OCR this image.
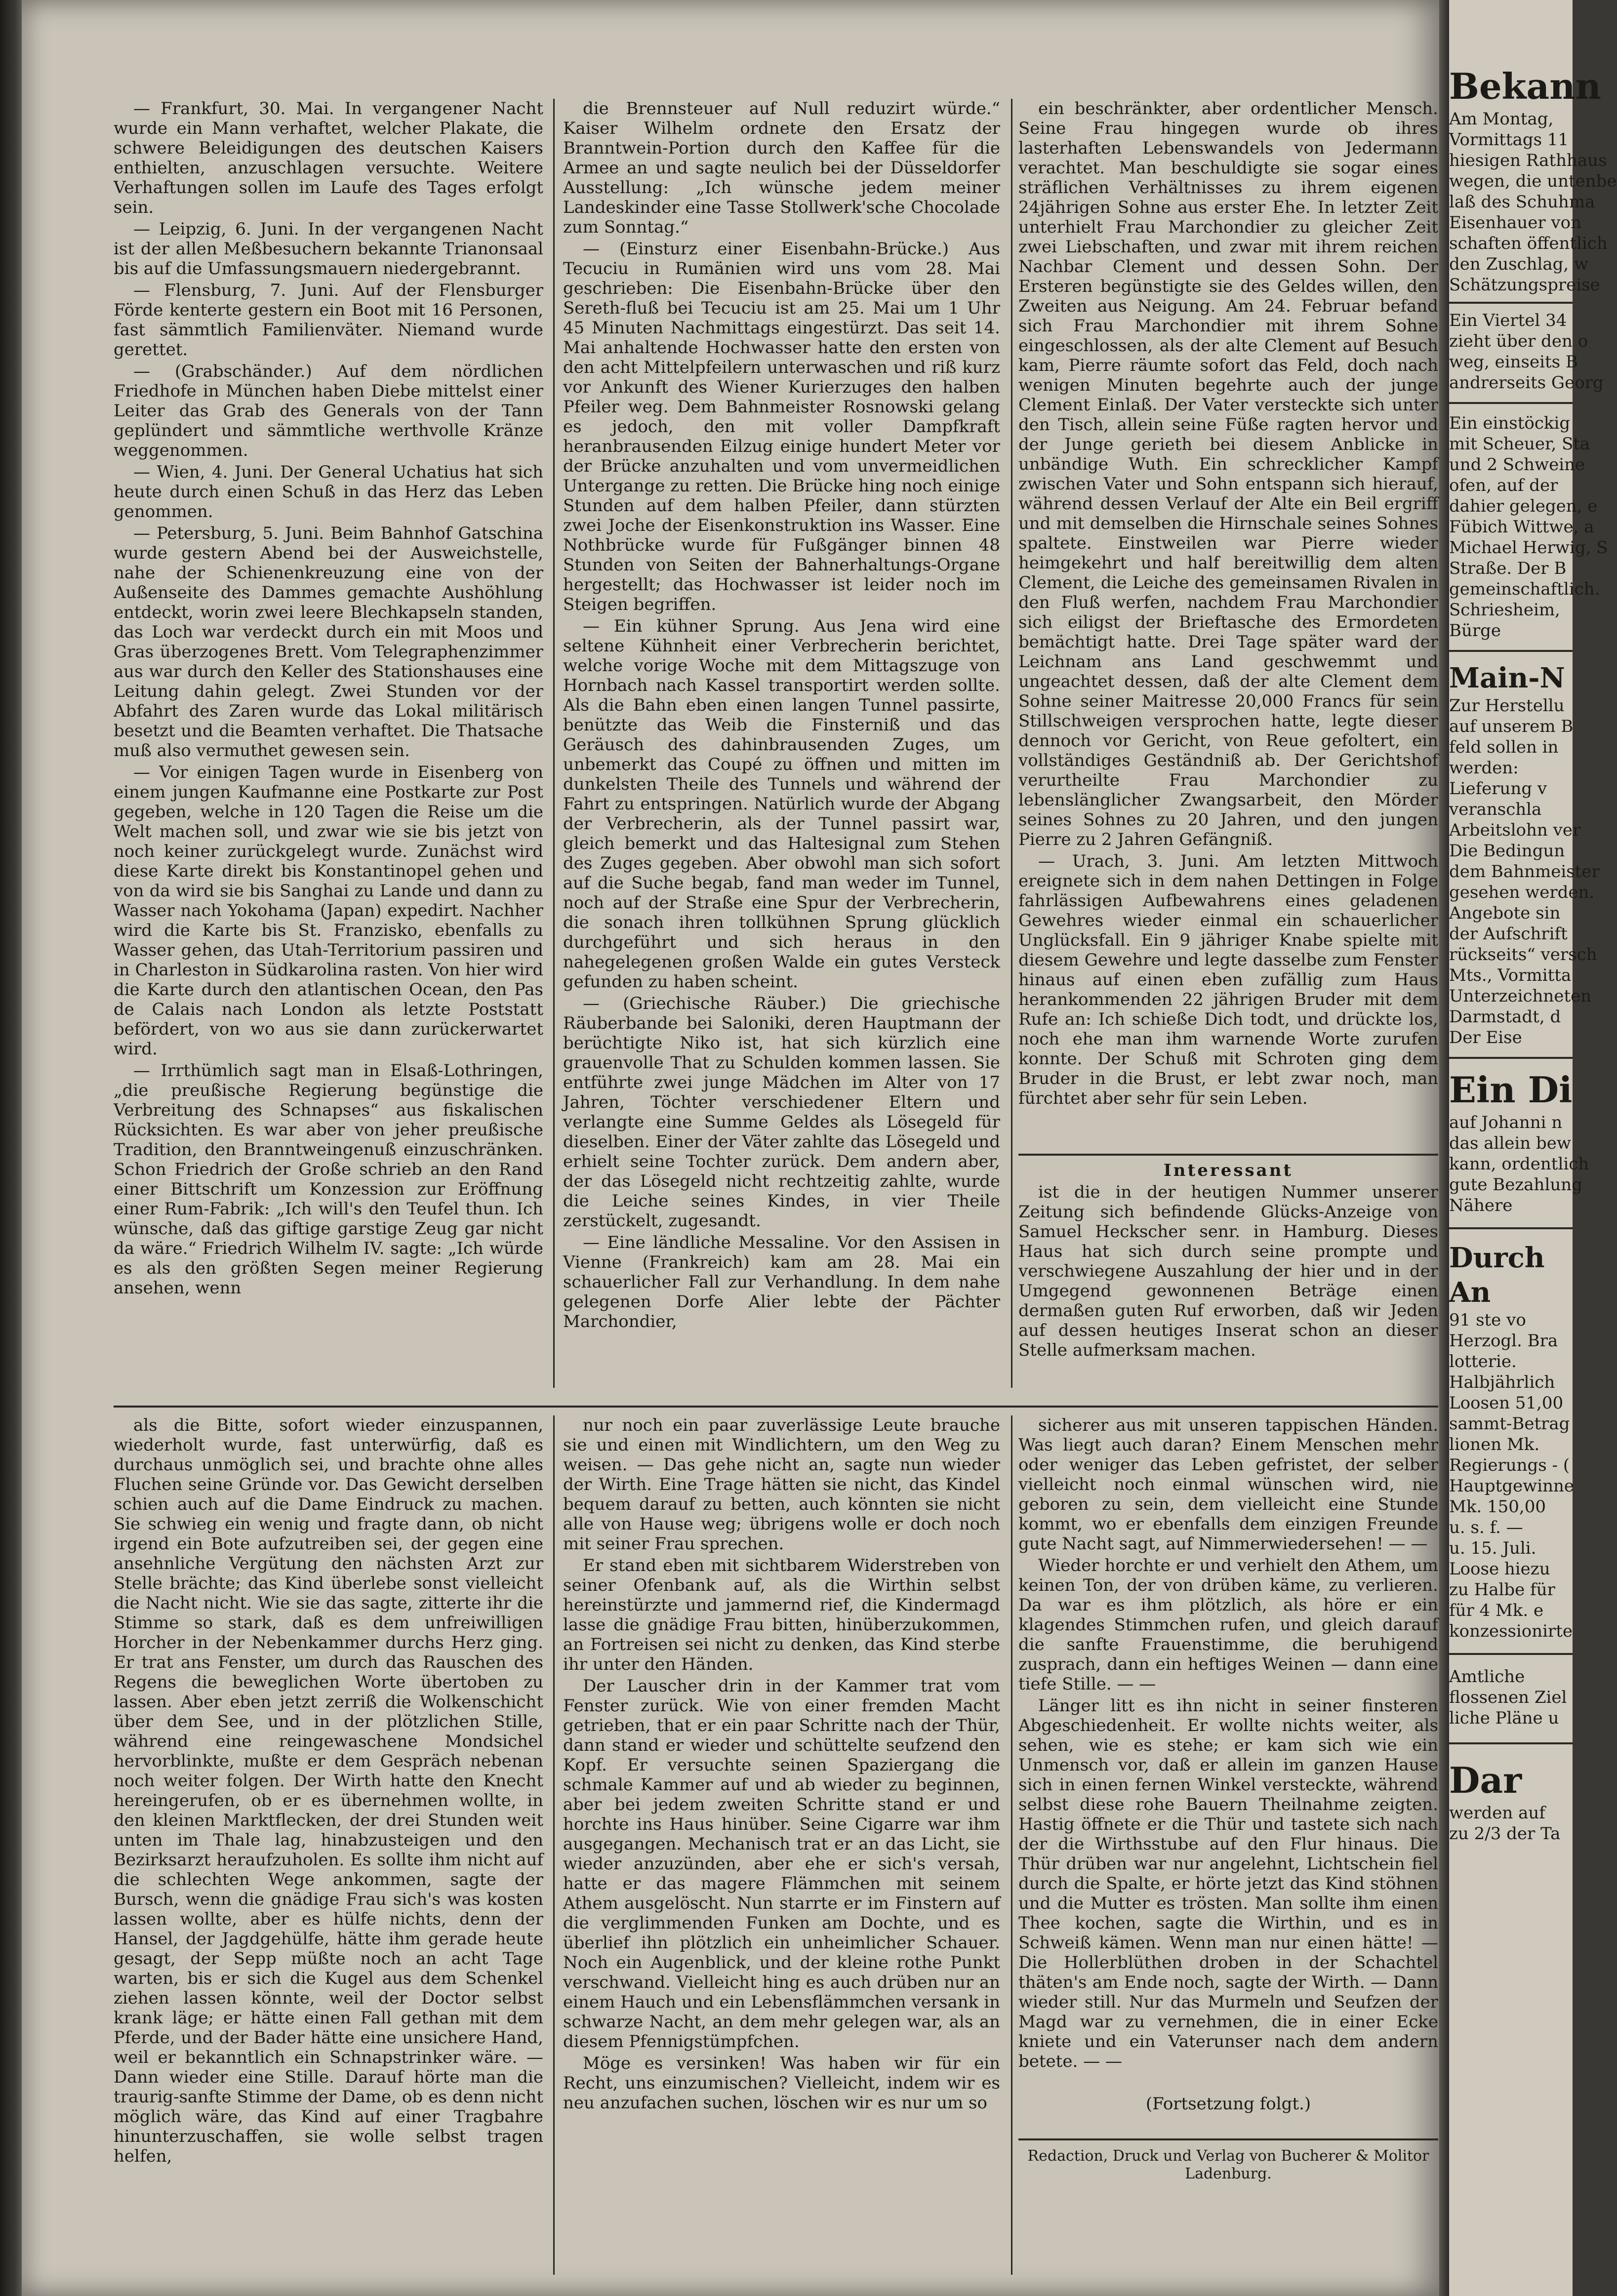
— Frankfurt, 30. Mai. In vergangener Nacht wurde ein Mann verhaftet, welcher Plakate, die schwere Beleidigungen des deutschen Kaisers enthielten, anzuschlagen versuchte. Weitere Verhaftungen sollen im Laufe des Tages erfolgt sein.

— Leipzig, 6. Juni. In der vergangenen Nacht ist der allen Meßbesuchern bekannte Trianonsaal bis auf die Umfassungsmauern niedergebrannt.

— Flensburg, 7. Juni. Auf der Flensburger Förde kenterte gestern ein Boot mit 16 Personen, fast sämmtlich Familienväter. Niemand wurde gerettet.

— (Grabschänder.) Auf dem nördlichen Friedhofe in München haben Diebe mittelst einer Leiter das Grab des Generals von der Tann geplündert und sämmtliche werthvolle Kränze weggenommen.

— Wien, 4. Juni. Der General Uchatius hat sich heute durch einen Schuß in das Herz das Leben genommen.

— Petersburg, 5. Juni. Beim Bahnhof Gatschina wurde gestern Abend bei der Ausweichstelle, nahe der Schienenkreuzung eine von der Außenseite des Dammes gemachte Aushöhlung entdeckt, worin zwei leere Blechkapseln standen, das Loch war verdeckt durch ein mit Moos und Gras überzogenes Brett. Vom Telegraphenzimmer aus war durch den Keller des Stationshauses eine Leitung dahin gelegt. Zwei Stunden vor der Abfahrt des Zaren wurde das Lokal militärisch besetzt und die Beamten verhaftet. Die Thatsache muß also vermuthet gewesen sein.

— Vor einigen Tagen wurde in Eisenberg von einem jungen Kaufmanne eine Postkarte zur Post gegeben, welche in 120 Tagen die Reise um die Welt machen soll, und zwar wie sie bis jetzt von noch keiner zurückgelegt wurde. Zunächst wird diese Karte direkt bis Konstantinopel gehen und von da wird sie bis Sanghai zu Lande und dann zu Wasser nach Yokohama (Japan) expedirt. Nachher wird die Karte bis St. Franzisko, ebenfalls zu Wasser gehen, das Utah-Territorium passiren und in Charleston in Südkarolina rasten. Von hier wird die Karte durch den atlantischen Ocean, den Pas de Calais nach London als letzte Poststatt befördert, von wo aus sie dann zurückerwartet wird.

— Irrthümlich sagt man in Elsaß-Lothringen, „die preußische Regierung begünstige die Verbreitung des Schnapses“ aus fiskalischen Rücksichten. Es war aber von jeher preußische Tradition, den Branntweingenuß einzuschränken. Schon Friedrich der Große schrieb an den Rand einer Bittschrift um Konzession zur Eröffnung einer Rum-Fabrik: „Ich will's den Teufel thun. Ich wünsche, daß das giftige garstige Zeug gar nicht da wäre.“ Friedrich Wilhelm IV. sagte: „Ich würde es als den größten Segen meiner Regierung ansehen, wenn

die Brennsteuer auf Null reduzirt würde.“ Kaiser Wilhelm ordnete den Ersatz der Branntwein-Portion durch den Kaffee für die Armee an und sagte neulich bei der Düsseldorfer Ausstellung: „Ich wünsche jedem meiner Landeskinder eine Tasse Stollwerk'sche Chocolade zum Sonntag.“

— (Einsturz einer Eisenbahn-Brücke.) Aus Tecuciu in Rumänien wird uns vom 28. Mai geschrieben: Die Eisenbahn-Brücke über den Sereth-fluß bei Tecuciu ist am 25. Mai um 1 Uhr 45 Minuten Nachmittags eingestürzt. Das seit 14. Mai anhaltende Hochwasser hatte den ersten von den acht Mittelpfeilern unterwaschen und riß kurz vor Ankunft des Wiener Kurierzuges den halben Pfeiler weg. Dem Bahnmeister Rosnowski gelang es jedoch, den mit voller Dampfkraft heranbrausenden Eilzug einige hundert Meter vor der Brücke anzuhalten und vom unvermeidlichen Untergange zu retten. Die Brücke hing noch einige Stunden auf dem halben Pfeiler, dann stürzten zwei Joche der Eisenkonstruktion ins Wasser. Eine Nothbrücke wurde für Fußgänger binnen 48 Stunden von Seiten der Bahnerhaltungs-Organe hergestellt; das Hochwasser ist leider noch im Steigen begriffen.

— Ein kühner Sprung. Aus Jena wird eine seltene Kühnheit einer Verbrecherin berichtet, welche vorige Woche mit dem Mittagszuge von Hornbach nach Kassel transportirt werden sollte. Als die Bahn eben einen langen Tunnel passirte, benützte das Weib die Finsterniß und das Geräusch des dahinbrausenden Zuges, um unbemerkt das Coupé zu öffnen und mitten im dunkelsten Theile des Tunnels und während der Fahrt zu entspringen. Natürlich wurde der Abgang der Verbrecherin, als der Tunnel passirt war, gleich bemerkt und das Haltesignal zum Stehen des Zuges gegeben. Aber obwohl man sich sofort auf die Suche begab, fand man weder im Tunnel, noch auf der Straße eine Spur der Verbrecherin, die sonach ihren tollkühnen Sprung glücklich durchgeführt und sich heraus in den nahegelegenen großen Walde ein gutes Versteck gefunden zu haben scheint.

— (Griechische Räuber.) Die griechische Räuberbande bei Saloniki, deren Hauptmann der berüchtigte Niko ist, hat sich kürzlich eine grauenvolle That zu Schulden kommen lassen. Sie entführte zwei junge Mädchen im Alter von 17 Jahren, Töchter verschiedener Eltern und verlangte eine Summe Geldes als Lösegeld für dieselben. Einer der Väter zahlte das Lösegeld und erhielt seine Tochter zurück. Dem andern aber, der das Lösegeld nicht rechtzeitig zahlte, wurde die Leiche seines Kindes, in vier Theile zerstückelt, zugesandt.

— Eine ländliche Messaline. Vor den Assisen in Vienne (Frankreich) kam am 28. Mai ein schauerlicher Fall zur Verhandlung. In dem nahe gelegenen Dorfe Alier lebte der Pächter Marchondier,

ein beschränkter, aber ordentlicher Mensch. Seine Frau hingegen wurde ob ihres lasterhaften Lebenswandels von Jedermann verachtet. Man beschuldigte sie sogar eines sträflichen Verhältnisses zu ihrem eigenen 24jährigen Sohne aus erster Ehe. In letzter Zeit unterhielt Frau Marchondier zu gleicher Zeit zwei Liebschaften, und zwar mit ihrem reichen Nachbar Clement und dessen Sohn. Der Ersteren begünstigte sie des Geldes willen, den Zweiten aus Neigung. Am 24. Februar befand sich Frau Marchondier mit ihrem Sohne eingeschlossen, als der alte Clement auf Besuch kam, Pierre räumte sofort das Feld, doch nach wenigen Minuten begehrte auch der junge Clement Einlaß. Der Vater versteckte sich unter den Tisch, allein seine Füße ragten hervor und der Junge gerieth bei diesem Anblicke in unbändige Wuth. Ein schrecklicher Kampf zwischen Vater und Sohn entspann sich hierauf, während dessen Verlauf der Alte ein Beil ergriff und mit demselben die Hirnschale seines Sohnes spaltete. Einstweilen war Pierre wieder heimgekehrt und half bereitwillig dem alten Clement, die Leiche des gemeinsamen Rivalen in den Fluß werfen, nachdem Frau Marchondier sich eiligst der Brieftasche des Ermordeten bemächtigt hatte. Drei Tage später ward der Leichnam ans Land geschwemmt und ungeachtet dessen, daß der alte Clement dem Sohne seiner Maitresse 20,000 Francs für sein Stillschweigen versprochen hatte, legte dieser dennoch vor Gericht, von Reue gefoltert, ein vollständiges Geständniß ab. Der Gerichtshof verurtheilte Frau Marchondier zu lebenslänglicher Zwangsarbeit, den Mörder seines Sohnes zu 20 Jahren, und den jungen Pierre zu 2 Jahren Gefängniß.

— Urach, 3. Juni. Am letzten Mittwoch ereignete sich in dem nahen Dettingen in Folge fahrlässigen Aufbewahrens eines geladenen Gewehres wieder einmal ein schauerlicher Unglücksfall. Ein 9 jähriger Knabe spielte mit diesem Gewehre und legte dasselbe zum Fenster hinaus auf einen eben zufällig zum Haus herankommenden 22 jährigen Bruder mit dem Rufe an: Ich schieße Dich todt, und drückte los, noch ehe man ihm warnende Worte zurufen konnte. Der Schuß mit Schroten ging dem Bruder in die Brust, er lebt zwar noch, man fürchtet aber sehr für sein Leben.

Interessant

ist die in der heutigen Nummer unserer Zeitung sich befindende Glücks-Anzeige von Samuel Heckscher senr. in Hamburg. Dieses Haus hat sich durch seine prompte und verschwiegene Auszahlung der hier und in der Umgegend gewonnenen Beträge einen dermaßen guten Ruf erworben, daß wir Jeden auf dessen heutiges Inserat schon an dieser Stelle aufmerksam machen.

als die Bitte, sofort wieder einzuspannen, wiederholt wurde, fast unterwürfig, daß es durchaus unmöglich sei, und brachte ohne alles Fluchen seine Gründe vor. Das Gewicht derselben schien auch auf die Dame Eindruck zu machen. Sie schwieg ein wenig und fragte dann, ob nicht irgend ein Bote aufzutreiben sei, der gegen eine ansehnliche Vergütung den nächsten Arzt zur Stelle brächte; das Kind überlebe sonst vielleicht die Nacht nicht. Wie sie das sagte, zitterte ihr die Stimme so stark, daß es dem unfreiwilligen Horcher in der Nebenkammer durchs Herz ging. Er trat ans Fenster, um durch das Rauschen des Regens die beweglichen Worte übertoben zu lassen. Aber eben jetzt zerriß die Wolkenschicht über dem See, und in der plötzlichen Stille, während eine reingewaschene Mondsichel hervorblinkte, mußte er dem Gespräch nebenan noch weiter folgen. Der Wirth hatte den Knecht hereingerufen, ob er es übernehmen wollte, in den kleinen Marktflecken, der drei Stunden weit unten im Thale lag, hinabzusteigen und den Bezirksarzt heraufzuholen. Es sollte ihm nicht auf die schlechten Wege ankommen, sagte der Bursch, wenn die gnädige Frau sich's was kosten lassen wollte, aber es hülfe nichts, denn der Hansel, der Jagdgehülfe, hätte ihm gerade heute gesagt, der Sepp müßte noch an acht Tage warten, bis er sich die Kugel aus dem Schenkel ziehen lassen könnte, weil der Doctor selbst krank läge; er hätte einen Fall gethan mit dem Pferde, und der Bader hätte eine unsichere Hand, weil er bekanntlich ein Schnapstrinker wäre. — Dann wieder eine Stille. Darauf hörte man die traurig-sanfte Stimme der Dame, ob es denn nicht möglich wäre, das Kind auf einer Tragbahre hinunterzuschaffen, sie wolle selbst tragen helfen,

nur noch ein paar zuverlässige Leute brauche sie und einen mit Windlichtern, um den Weg zu weisen. — Das gehe nicht an, sagte nun wieder der Wirth. Eine Trage hätten sie nicht, das Kindel bequem darauf zu betten, auch könnten sie nicht alle von Hause weg; übrigens wolle er doch noch mit seiner Frau sprechen.

Er stand eben mit sichtbarem Widerstreben von seiner Ofenbank auf, als die Wirthin selbst hereinstürzte und jammernd rief, die Kindermagd lasse die gnädige Frau bitten, hinüberzukommen, an Fortreisen sei nicht zu denken, das Kind sterbe ihr unter den Händen.

Der Lauscher drin in der Kammer trat vom Fenster zurück. Wie von einer fremden Macht getrieben, that er ein paar Schritte nach der Thür, dann stand er wieder und schüttelte seufzend den Kopf. Er versuchte seinen Spaziergang die schmale Kammer auf und ab wieder zu beginnen, aber bei jedem zweiten Schritte stand er und horchte ins Haus hinüber. Seine Cigarre war ihm ausgegangen. Mechanisch trat er an das Licht, sie wieder anzuzünden, aber ehe er sich's versah, hatte er das magere Flämmchen mit seinem Athem ausgelöscht. Nun starrte er im Finstern auf die verglimmenden Funken am Dochte, und es überlief ihn plötzlich ein unheimlicher Schauer. Noch ein Augenblick, und der kleine rothe Punkt verschwand. Vielleicht hing es auch drüben nur an einem Hauch und ein Lebensflämmchen versank in schwarze Nacht, an dem mehr gelegen war, als an diesem Pfennigstümpfchen.

Möge es versinken! Was haben wir für ein Recht, uns einzumischen? Vielleicht, indem wir es neu anzufachen suchen, löschen wir es nur um so

sicherer aus mit unseren tappischen Händen. Was liegt auch daran? Einem Menschen mehr oder weniger das Leben gefristet, der selber vielleicht noch einmal wünschen wird, nie geboren zu sein, dem vielleicht eine Stunde kommt, wo er ebenfalls dem einzigen Freunde gute Nacht sagt, auf Nimmerwiedersehen! — —

Wieder horchte er und verhielt den Athem, um keinen Ton, der von drüben käme, zu verlieren. Da war es ihm plötzlich, als höre er ein klagendes Stimmchen rufen, und gleich darauf die sanfte Frauenstimme, die beruhigend zusprach, dann ein heftiges Weinen — dann eine tiefe Stille. — —

Länger litt es ihn nicht in seiner finsteren Abgeschiedenheit. Er wollte nichts weiter, als sehen, wie es stehe; er kam sich wie ein Unmensch vor, daß er allein im ganzen Hause sich in einen fernen Winkel versteckte, während selbst diese rohe Bauern Theilnahme zeigten. Hastig öffnete er die Thür und tastete sich nach der die Wirthsstube auf den Flur hinaus. Die Thür drüben war nur angelehnt, Lichtschein fiel durch die Spalte, er hörte jetzt das Kind stöhnen und die Mutter es trösten. Man sollte ihm einen Thee kochen, sagte die Wirthin, und es in Schweiß kämen. Wenn man nur einen hätte! — Die Hollerblüthen droben in der Schachtel thäten's am Ende noch, sagte der Wirth. — Dann wieder still. Nur das Murmeln und Seufzen der Magd war zu vernehmen, die in einer Ecke kniete und ein Vaterunser nach dem andern betete. — —

(Fortsetzung folgt.)

Redaction, Druck und Verlag von Bucherer & Molitor
Ladenburg.
Bekann
Am Montag,
Vormittags 11
hiesigen Rathhaus
wegen, die untenbe
laß des Schuhma
Eisenhauer von
schaften öffentlich
den Zuschlag, w
Schätzungspreise
Ein Viertel 34
zieht über den o
weg, einseits B
andrerseits Georg
Ein einstöckig
mit Scheuer, Sta
und 2 Schweine
ofen, auf der
dahier gelegen, e
Fübich Wittwe, a
Michael Herwig, S
Straße. Der B
gemeinschaftlich.
Schriesheim,
Bürge
Main-N
Zur Herstellu
auf unserem B
feld sollen in
werden:
Lieferung v
veranschla
Arbeitslohn ver
Die Bedingun
dem Bahnmeister
gesehen werden.
Angebote sin
der Aufschrift
rückseits“ versch
Mts., Vormitta
Unterzeichneten
Darmstadt, d
Der Eise
Ein Di
auf Johanni n
das allein bew
kann, ordentlich
gute Bezahlung
Nähere
Durch
An
91 ste vo
Herzogl. Bra
lotterie.
Halbjährlich
Loosen 51,00
sammt-Betrag
lionen Mk.
Regierungs - (
Hauptgewinne
Mk. 150,00
u. s. f. —
u. 15. Juli.
Loose hiezu
zu Halbe für
für 4 Mk. e
konzessionirte
Amtliche
flossenen Ziel
liche Pläne u
Dar
werden auf
zu 2/3 der Ta
